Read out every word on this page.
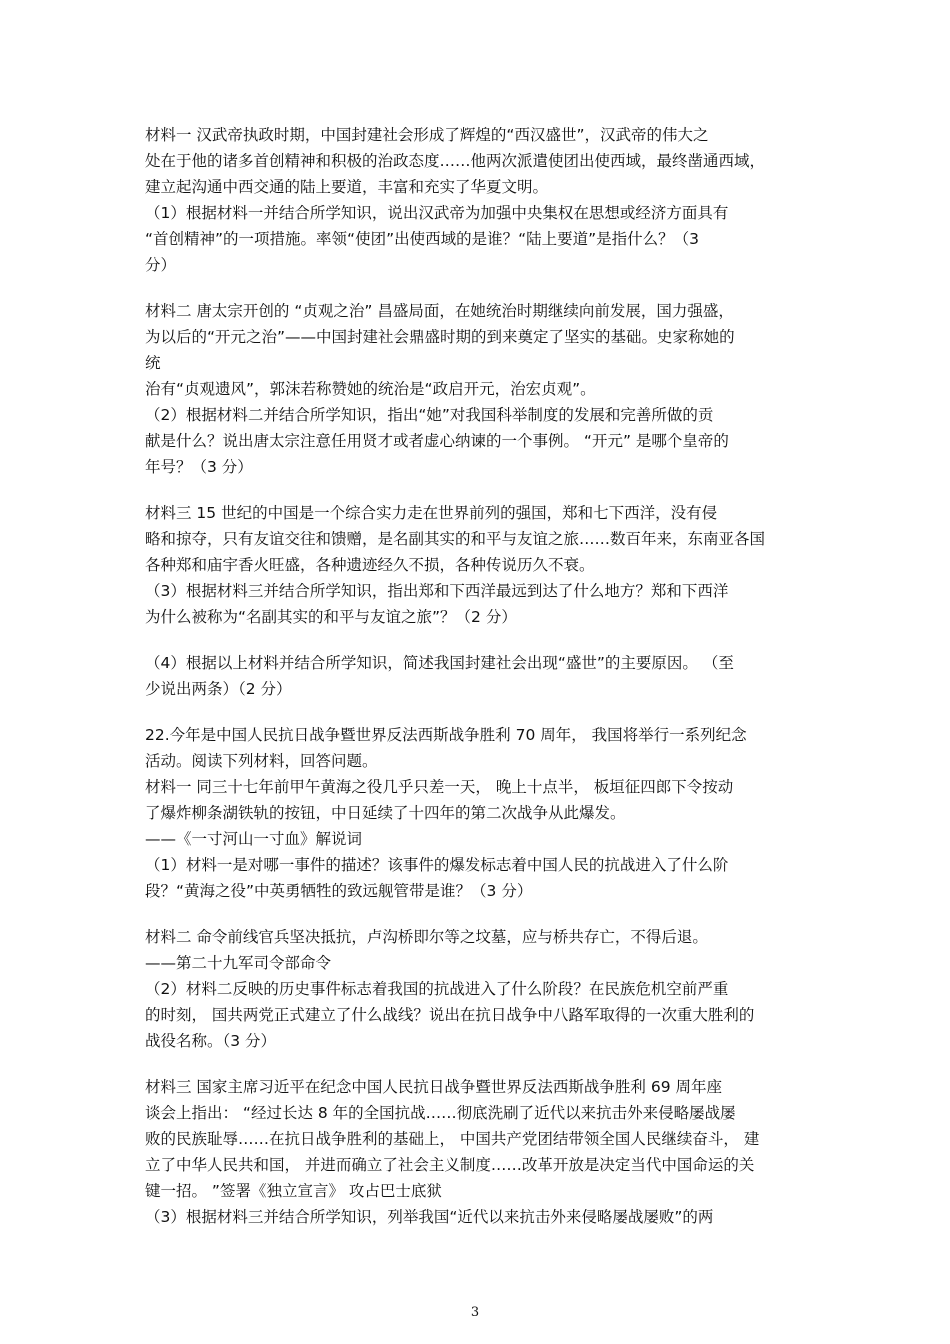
材料一 汉武帝执政时期，中国封建社会形成了辉煌的“西汉盛世”，汉武帝的伟大之
处在于他的诸多首创精神和积极的治政态度……他两次派遣使团出使西域，最终凿通西域，
建立起沟通中西交通的陆上要道，丰富和充实了华夏文明。
（1）根据材料一并结合所学知识，说出汉武帝为加强中央集权在思想或经济方面具有
“首创精神”的一项措施。率领“使团”出使西域的是谁？“陆上要道”是指什么？（3
分）
材料二 唐太宗开创的 “贞观之治” 昌盛局面，在她统治时期继续向前发展，国力强盛，
为以后的“开元之治”——中国封建社会鼎盛时期的到来奠定了坚实的基础。史家称她的
统
治有“贞观遗风”，郭沫若称赞她的统治是“政启开元，治宏贞观”。
（2）根据材料二并结合所学知识，指出“她”对我国科举制度的发展和完善所做的贡
献是什么？说出唐太宗注意任用贤才或者虚心纳谏的一个事例。 “开元” 是哪个皇帝的
年号？（3 分）
材料三 15 世纪的中国是一个综合实力走在世界前列的强国，郑和七下西洋，没有侵
略和掠夺，只有友谊交往和馈赠，是名副其实的和平与友谊之旅……数百年来，东南亚各国
各种郑和庙宇香火旺盛，各种遗迹经久不损，各种传说历久不衰。
（3）根据材料三并结合所学知识，指出郑和下西洋最远到达了什么地方？郑和下西洋
为什么被称为“名副其实的和平与友谊之旅”？（2 分）
（4）根据以上材料并结合所学知识，简述我国封建社会出现“盛世”的主要原因。 （至
少说出两条）（2 分）
22.今年是中国人民抗日战争暨世界反法西斯战争胜利 70 周年， 我国将举行一系列纪念
活动。阅读下列材料，回答问题。
材料一 同三十七年前甲午黄海之役几乎只差一天， 晚上十点半， 板垣征四郎下令按动
了爆炸柳条湖铁轨的按钮，中日延续了十四年的第二次战争从此爆发。
——《一寸河山一寸血》解说词
（1）材料一是对哪一事件的描述？该事件的爆发标志着中国人民的抗战进入了什么阶
段？“黄海之役”中英勇牺牲的致远舰管带是谁？（3 分）
材料二 命令前线官兵坚决抵抗，卢沟桥即尔等之坟墓，应与桥共存亡，不得后退。
——第二十九军司令部命令
（2）材料二反映的历史事件标志着我国的抗战进入了什么阶段？在民族危机空前严重
的时刻， 国共两党正式建立了什么战线？说出在抗日战争中八路军取得的一次重大胜利的
战役名称。（3 分）
材料三 国家主席习近平在纪念中国人民抗日战争暨世界反法西斯战争胜利 69 周年座
谈会上指出： “经过长达 8 年的全国抗战……彻底洗刷了近代以来抗击外来侵略屡战屡
败的民族耻辱……在抗日战争胜利的基础上， 中国共产党团结带领全国人民继续奋斗， 建
立了中华人民共和国， 并进而确立了社会主义制度……改革开放是决定当代中国命运的关
键一招。 ”签署《独立宣言》 攻占巴士底狱
（3）根据材料三并结合所学知识，列举我国“近代以来抗击外来侵略屡战屡败”的两
3
